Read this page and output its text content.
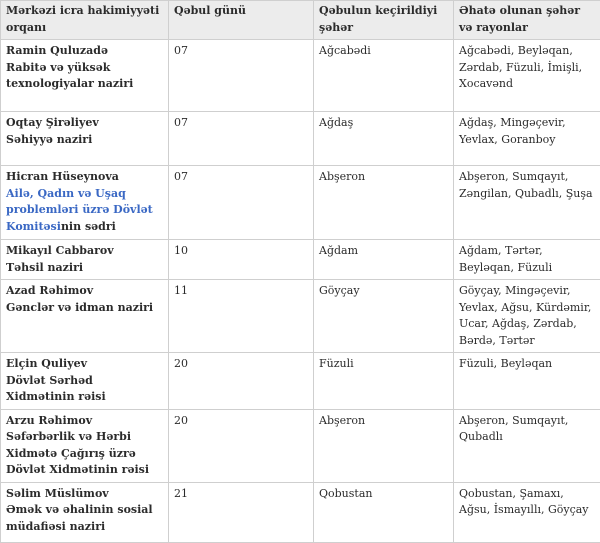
Mərkəzi icra hakimiyyəti orqanı	Qəbul günü	Qəbulun keçirildiyi şəhər	Əhatə olunan şəhər və rayonlar

Ramin Quluzadə
Rabitə və yüksək texnologiyalar naziri	07	Ağcabədi	Ağcabədi, Beyləqan, Zərdab, Füzuli, İmişli, Xocavənd

Oqtay Şirəliyev
Səhiyyə naziri	07	Ağdaş	Ağdaş, Mingəçevir, Yevlax, Goranboy

Hicran Hüseynova
Ailə, Qadın və Uşaq problemləri üzrə Dövlət Komitəsinin sədri	07	Abşeron	Abşeron, Sumqayıt, Zəngilan, Qubadlı, Şuşa

Mikayıl Cabbarov
Təhsil naziri	10	Ağdam	Ağdam, Tərtər, Beyləqan, Füzuli

Azad Rəhimov
Gənclər və idman naziri	11	Göyçay	Göyçay, Mingəçevir, Yevlax, Ağsu, Kürdəmir, Ucar, Ağdaş, Zərdab, Bərdə, Tərtər

Elçin Quliyev
Dövlət Sərhəd Xidmətinin rəisi	20	Füzuli	Füzuli, Beyləqan

Arzu Rəhimov
Səfərbərlik və Hərbi Xidmətə Çağırış üzrə Dövlət Xidmətinin rəisi	20	Abşeron	Abşeron, Sumqayıt, Qubadlı

Səlim Müslümov
Əmək və əhalinin sosial müdafiəsi naziri	21	Qobustan	Qobustan, Şamaxı, Ağsu, İsmayıllı, Göyçay
